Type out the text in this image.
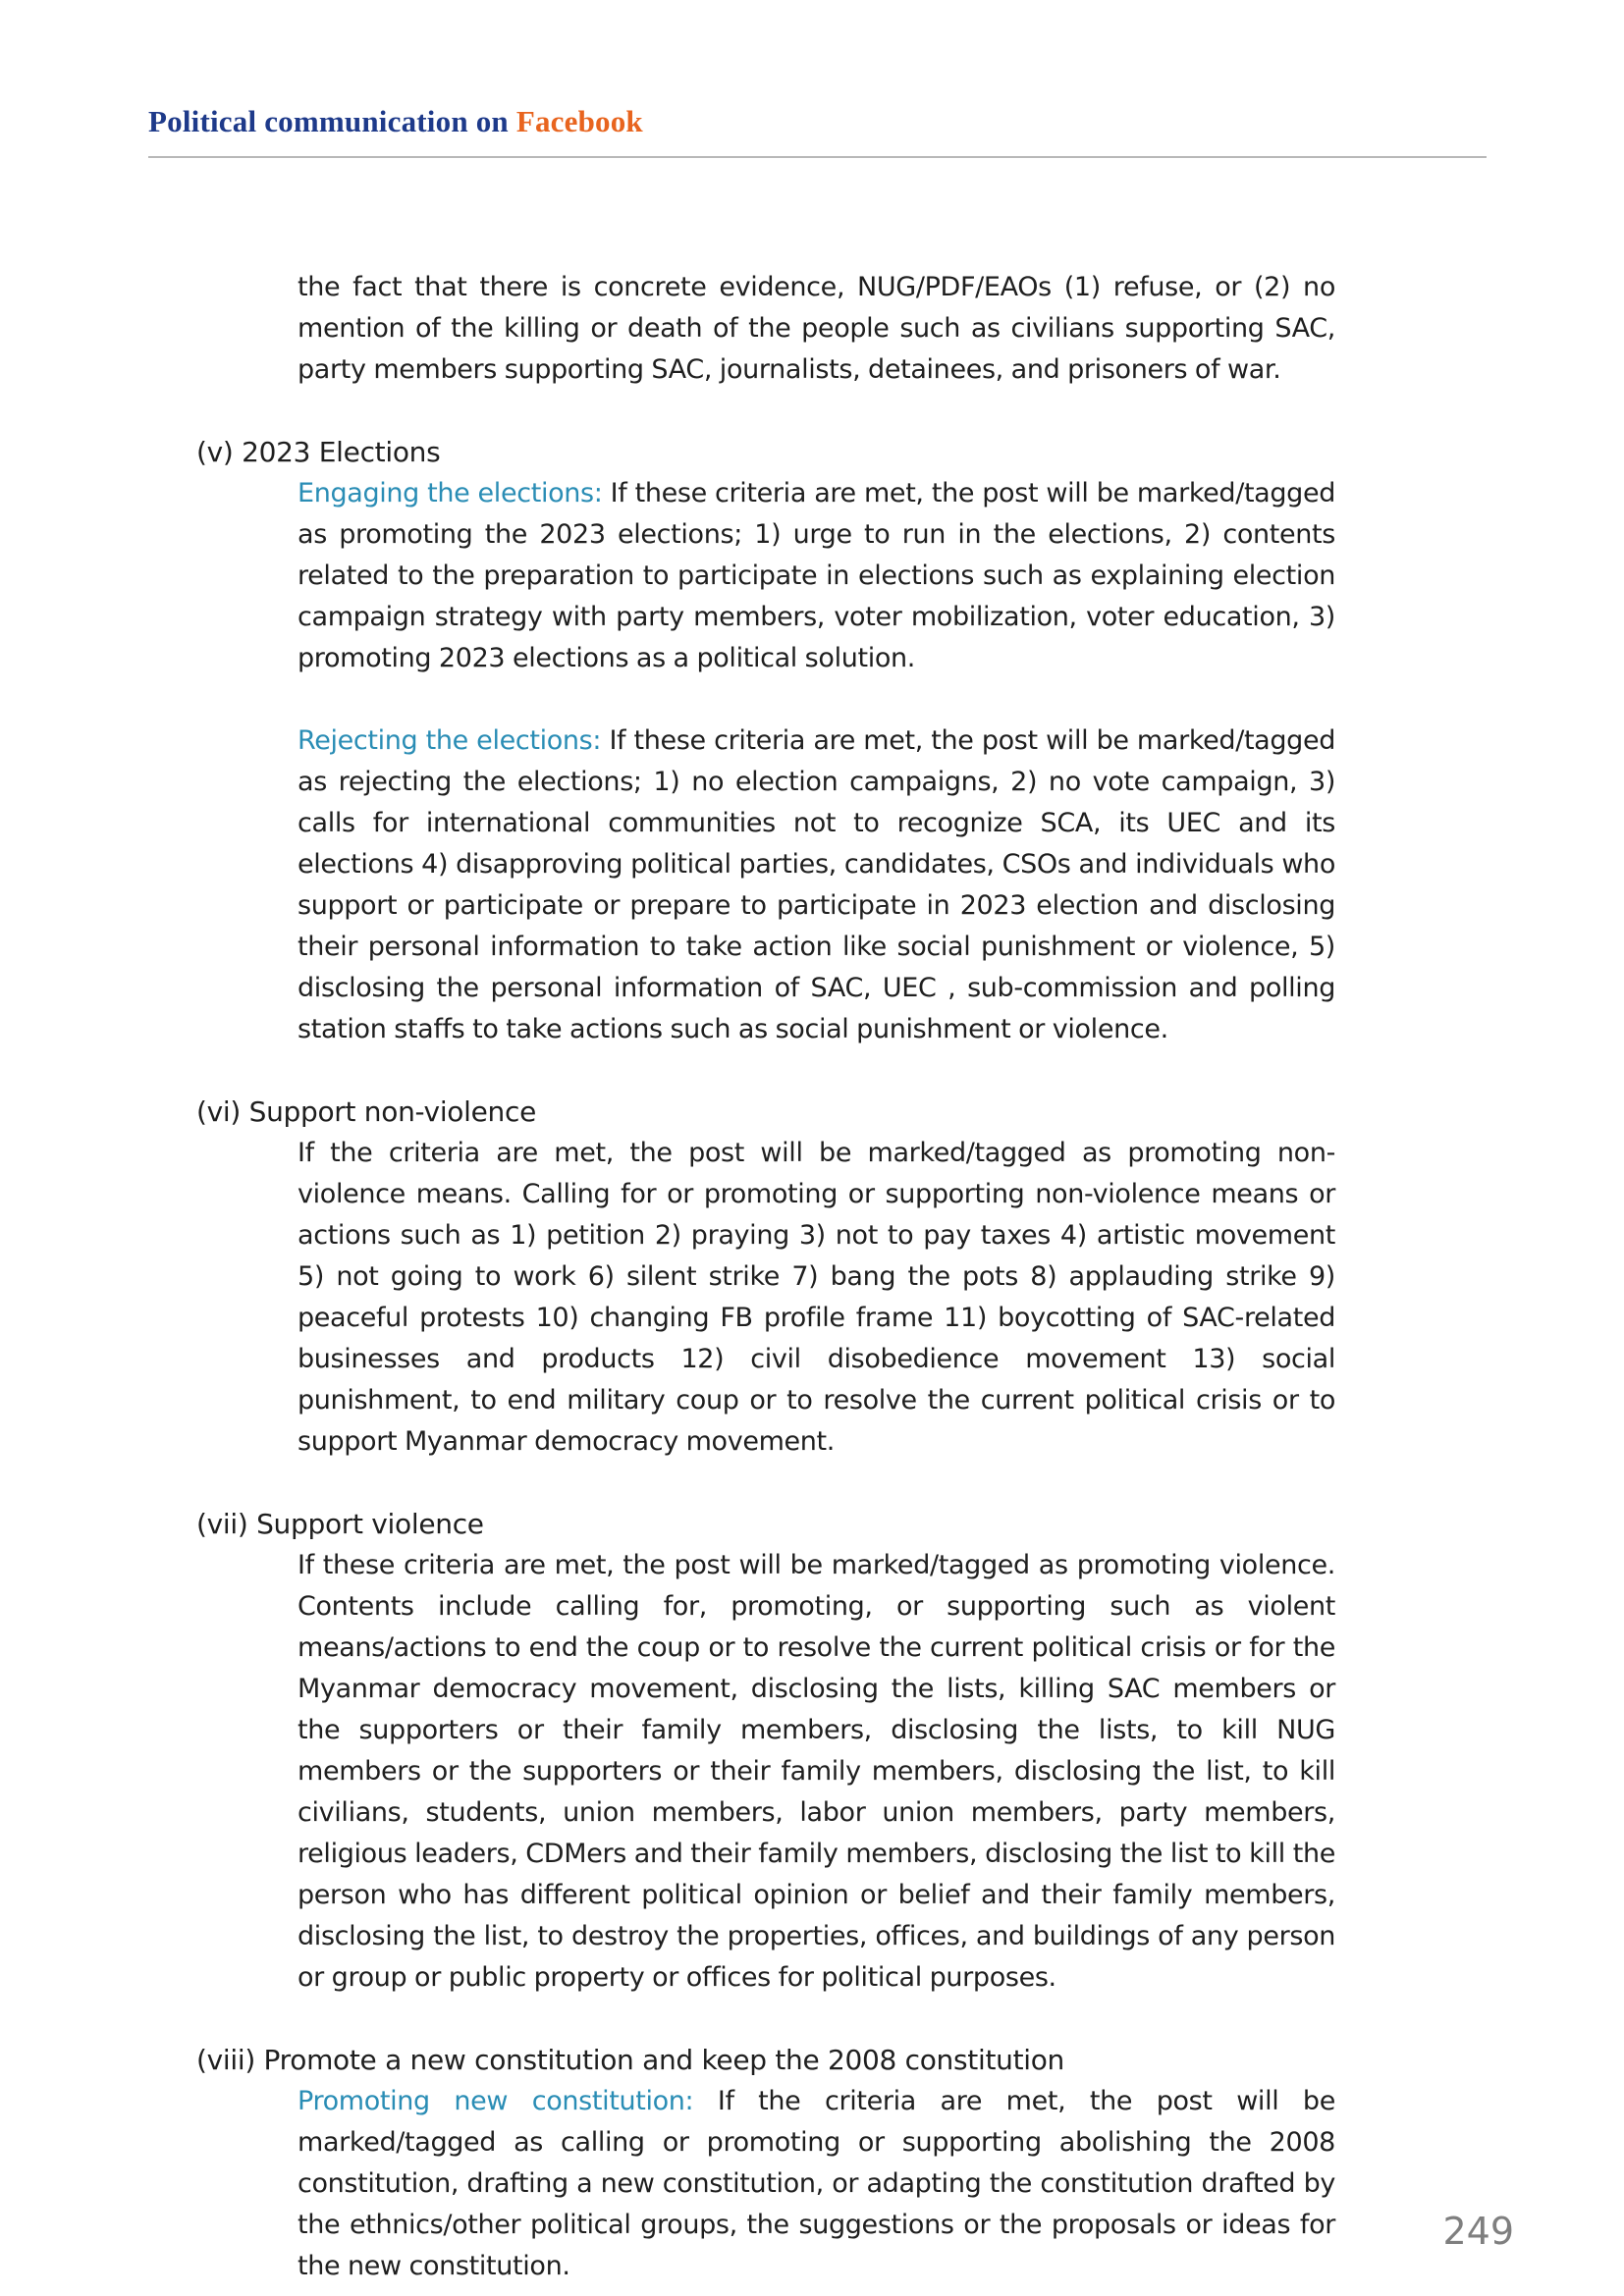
Political communication on Facebook

the fact that there is concrete evidence, NUG/PDF/EAOs (1) refuse, or (2) no mention of the killing or death of the people such as civilians supporting SAC, party members supporting SAC, journalists, detainees, and prisoners of war.

(v) 2023 Elections

Engaging the elections: If these criteria are met, the post will be marked/tagged as promoting the 2023 elections; 1) urge to run in the elections, 2) contents related to the preparation to participate in elections such as explaining election campaign strategy with party members, voter mobilization, voter education, 3) promoting 2023 elections as a political solution.

Rejecting the elections: If these criteria are met, the post will be marked/tagged as rejecting the elections; 1) no election campaigns, 2) no vote campaign, 3) calls for international communities not to recognize SCA, its UEC and its elections 4) disapproving political parties, candidates, CSOs and individuals who support or participate or prepare to participate in 2023 election and disclosing their personal information to take action like social punishment or violence, 5) disclosing the personal information of SAC, UEC , sub-commission and polling station staffs to take actions such as social punishment or violence.

(vi) Support non-violence

If the criteria are met, the post will be marked/tagged as promoting non-violence means. Calling for or promoting or supporting non-violence means or actions such as 1) petition 2) praying 3) not to pay taxes 4) artistic movement 5) not going to work 6) silent strike 7) bang the pots 8) applauding strike 9) peaceful protests 10) changing FB profile frame 11) boycotting of SAC-related businesses and products 12) civil disobedience movement 13) social punishment, to end military coup or to resolve the current political crisis or to support Myanmar democracy movement.

(vii) Support violence

If these criteria are met, the post will be marked/tagged as promoting violence. Contents include calling for, promoting, or supporting such as violent means/actions to end the coup or to resolve the current political crisis or for the Myanmar democracy movement, disclosing the lists, killing SAC members or the supporters or their family members, disclosing the lists, to kill NUG members or the supporters or their family members, disclosing the list, to kill civilians, students, union members, labor union members, party members, religious leaders, CDMers and their family members, disclosing the list to kill the person who has different political opinion or belief and their family members, disclosing the list, to destroy the properties, offices, and buildings of any person or group or public property or offices for political purposes.

(viii) Promote a new constitution and keep the 2008 constitution

Promoting new constitution: If the criteria are met, the post will be marked/tagged as calling or promoting or supporting abolishing the 2008 constitution, drafting a new constitution, or adapting the constitution drafted by the ethnics/other political groups, the suggestions or the proposals or ideas for the new constitution.

249
